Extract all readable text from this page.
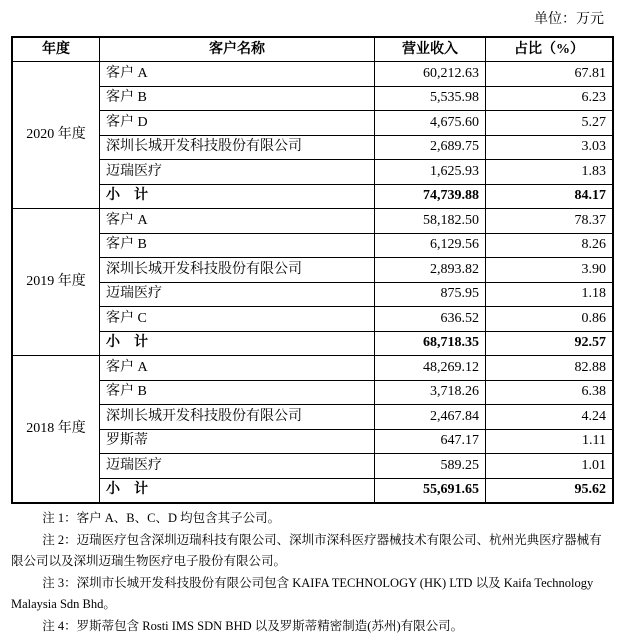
单位：万元
年度	客户名称	营业收入	占比（%）
2020 年度	客户 A	60,212.63	67.81
	客户 B	5,535.98	6.23
	客户 D	4,675.60	5.27
	深圳长城开发科技股份有限公司	2,689.75	3.03
	迈瑞医疗	1,625.93	1.83
	小　计	74,739.88	84.17
2019 年度	客户 A	58,182.50	78.37
	客户 B	6,129.56	8.26
	深圳长城开发科技股份有限公司	2,893.82	3.90
	迈瑞医疗	875.95	1.18
	客户 C	636.52	0.86
	小　计	68,718.35	92.57
2018 年度	客户 A	48,269.12	82.88
	客户 B	3,718.26	6.38
	深圳长城开发科技股份有限公司	2,467.84	4.24
	罗斯蒂	647.17	1.11
	迈瑞医疗	589.25	1.01
	小　计	55,691.65	95.62

注 1：客户 A、B、C、D 均包含其子公司。

注 2：迈瑞医疗包含深圳迈瑞科技有限公司、深圳市深科医疗器械技术有限公司、杭州光典医疗器械有限公司以及深圳迈瑞生物医疗电子股份有限公司。

注 3：深圳市长城开发科技股份有限公司包含 KAIFA TECHNOLOGY (HK) LTD 以及 Kaifa Technology Malaysia Sdn Bhd。

注 4：罗斯蒂包含 Rosti IMS SDN BHD 以及罗斯蒂精密制造(苏州)有限公司。
